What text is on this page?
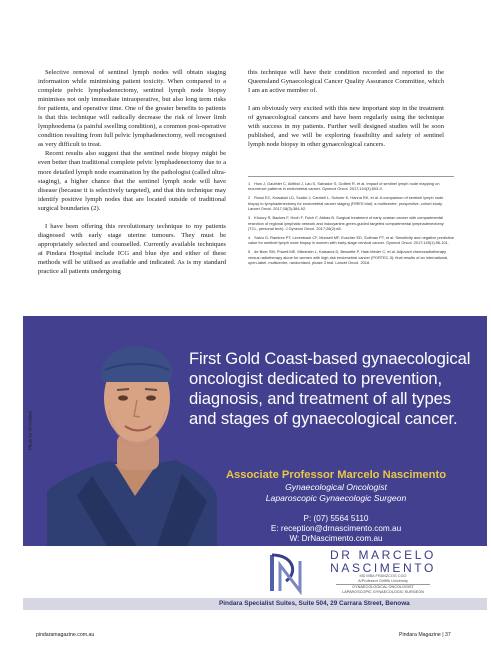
Selective removal of sentinel lymph nodes will obtain staging information while minimising patient toxicity. When compared to a complete pelvic lymphadenectomy, sentinel lymph node biopsy minimises not only immediate intraoperative, but also long term risks for patients, and operative time. One of the greater benefits to patients is that this technique will radically decrease the risk of lower limb lymphoedema (a painful swelling condition), a common post-operative condition resulting from full pelvic lymphadenectomy, well recognised as very difficult to treat.

Recent results also suggest that the sentinel node biopsy might be even better than traditional complete pelvic lymphadenectomy due to a more detailed lymph node examination by the pathologist (called ultra-staging), a higher chance that the sentinel lymph node will have disease (because it is selectively targeted), and that this technique may identify positive lymph nodes that are located outside of traditional surgical boundaries (2).

I have been offering this revolutionary technique to my patients diagnosed with early stage uterine tumours. They must be appropriately selected and counselled. Currently available techniques at Pindara Hospital include ICG and blue dye and either of these methods will be utilised as available and indicated. As is my standard practice all patients undergoing

this technique will have their condition recorded and reported to the Queensland Gynaecological Cancer Quality Assurance Committee, which I am an active member of.

I am obviously very excited with this new important step in the treatment of gynaecological cancers and have been regularly using the technique with success in my patients. Further well designed studies will be soon published, and we will be exploring feasibility and safety of sentinel lymph node biopsy in other gynaecological cancers.

1 How J, Gauthier C, Abitbol J, Lau S, Salvador S, Gotlieb R, et al. Impact of sentinel lymph node mapping on recurrence patterns in endometrial cancer. Gynecol Oncol. 2017;144(3):503-9.

2 Rossi EC, Kowalski LD, Scalici J, Cantrell L, Schuler K, Hanna RK, et al. A comparison of sentinel lymph node biopsy to lymphadenectomy for endometrial cancer staging (FIRES trial): a multicentre, prospective, cohort study. Lancet Oncol. 2017;18(3):384-92.

3 Khoury R, Backes F, Hoch F, Fulch F, Abbas B. Surgical treatment of early ovarian cancer with compartmental resection of regional lymphatic network and indocyanine-green-guided targeted compartmental lymphadenectomy (TCL, personal tech). J Gynecol Oncol. 2017;28(2):e8.

4 Salvo G, Ramirez PT, Levenback CF, Munsell MF, Euscher ED, Soliman PT, et al. Sensitivity and negative predictive value for sentinel lymph node biopsy in women with early-stage cervical cancer. Gynecol Oncol. 2017;145(1):96-101.

5 de Boer SM, Powell ME, Mileshkin L, Katsaros D, Bessette P, Haie-Meder C, et al. Adjuvant chemoradiotherapy versus radiotherapy alone for women with high-risk endometrial cancer (PORTEC-3): final results of an international, open-label, multicentre, randomised, phase 3 trial. Lancet Oncol. 2018.

Photo by Ali Kolaker
First Gold Coast-based gynaecological oncologist dedicated to prevention, diagnosis, and treatment of all types and stages of gynaecological cancer.
Associate Professor Marcelo Nascimento
Gynaecological Oncologist
Laparoscopic Gynaecologic Surgeon
P: (07) 5564 5110
E: reception@drnascimento.com.au
W: DrNascimento.com.au
DR MARCELO
NASCIMENTO
MD MBA FRANZCOG CGO
A/Professor Griffith University
GYNAECOLOGICAL ONCOLOGIST
LAPAROSCOPIC GYNAECOLOGIC SURGEON
Pindara Specialist Suites, Suite 504, 29 Carrara Street, Benowa
pindaramagazine.com.au	Pindara Magazine | 37
